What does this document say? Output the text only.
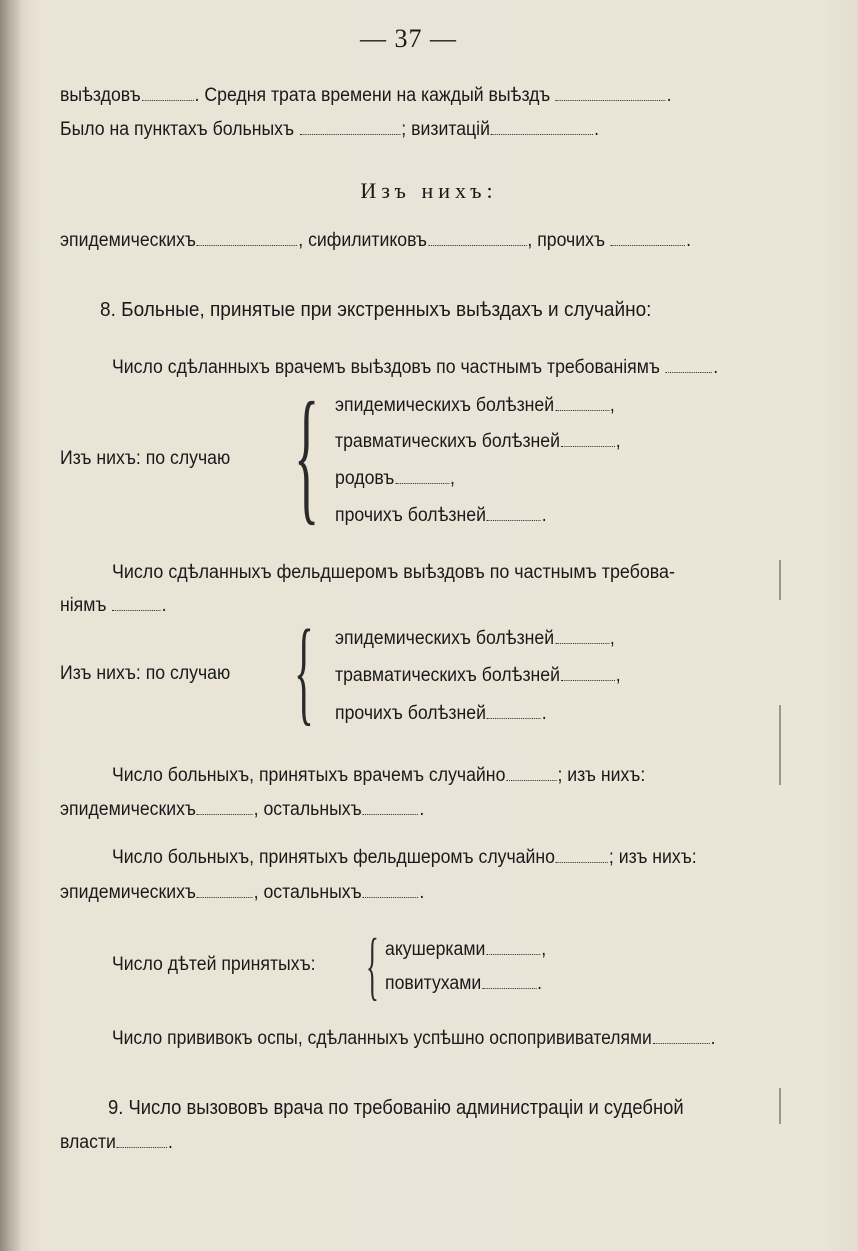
— 37 —
выѣздовъ	. Средня трата времени на каждый выѣздъ	.
Было на пунктахъ больныхъ	; визитацій	.
Изъ нихъ:
эпидемическихъ	, сифилитиковъ	, прочихъ	.
8. Больные, принятые при экстренныхъ выѣздахъ и случайно:
Число сдѣланныхъ врачемъ выѣздовъ по частнымъ требованіямъ	.
Изъ нихъ: по случаю { эпидемическихъ болѣзней	,
травматическихъ болѣзней	,
родовъ	,
прочихъ болѣзней	.
Число сдѣланныхъ фельдшеромъ выѣздовъ по частнымъ требова-
ніямъ	.
Изъ нихъ: по случаю { эпидемическихъ болѣзней	,
травматическихъ болѣзней	,
прочихъ болѣзней	.
Число больныхъ, принятыхъ врачемъ случайно	; изъ нихъ:
эпидемическихъ	, остальныхъ	.
Число больныхъ, принятыхъ фельдшеромъ случайно	; изъ нихъ:
эпидемическихъ	, остальныхъ	.
Число дѣтей принятыхъ: { акушерками	,
повитухами	.
Число прививокъ оспы, сдѣланныхъ успѣшно оспопрививателями	.
9. Число вызововъ врача по требованію администраціи и судебной
власти	.
